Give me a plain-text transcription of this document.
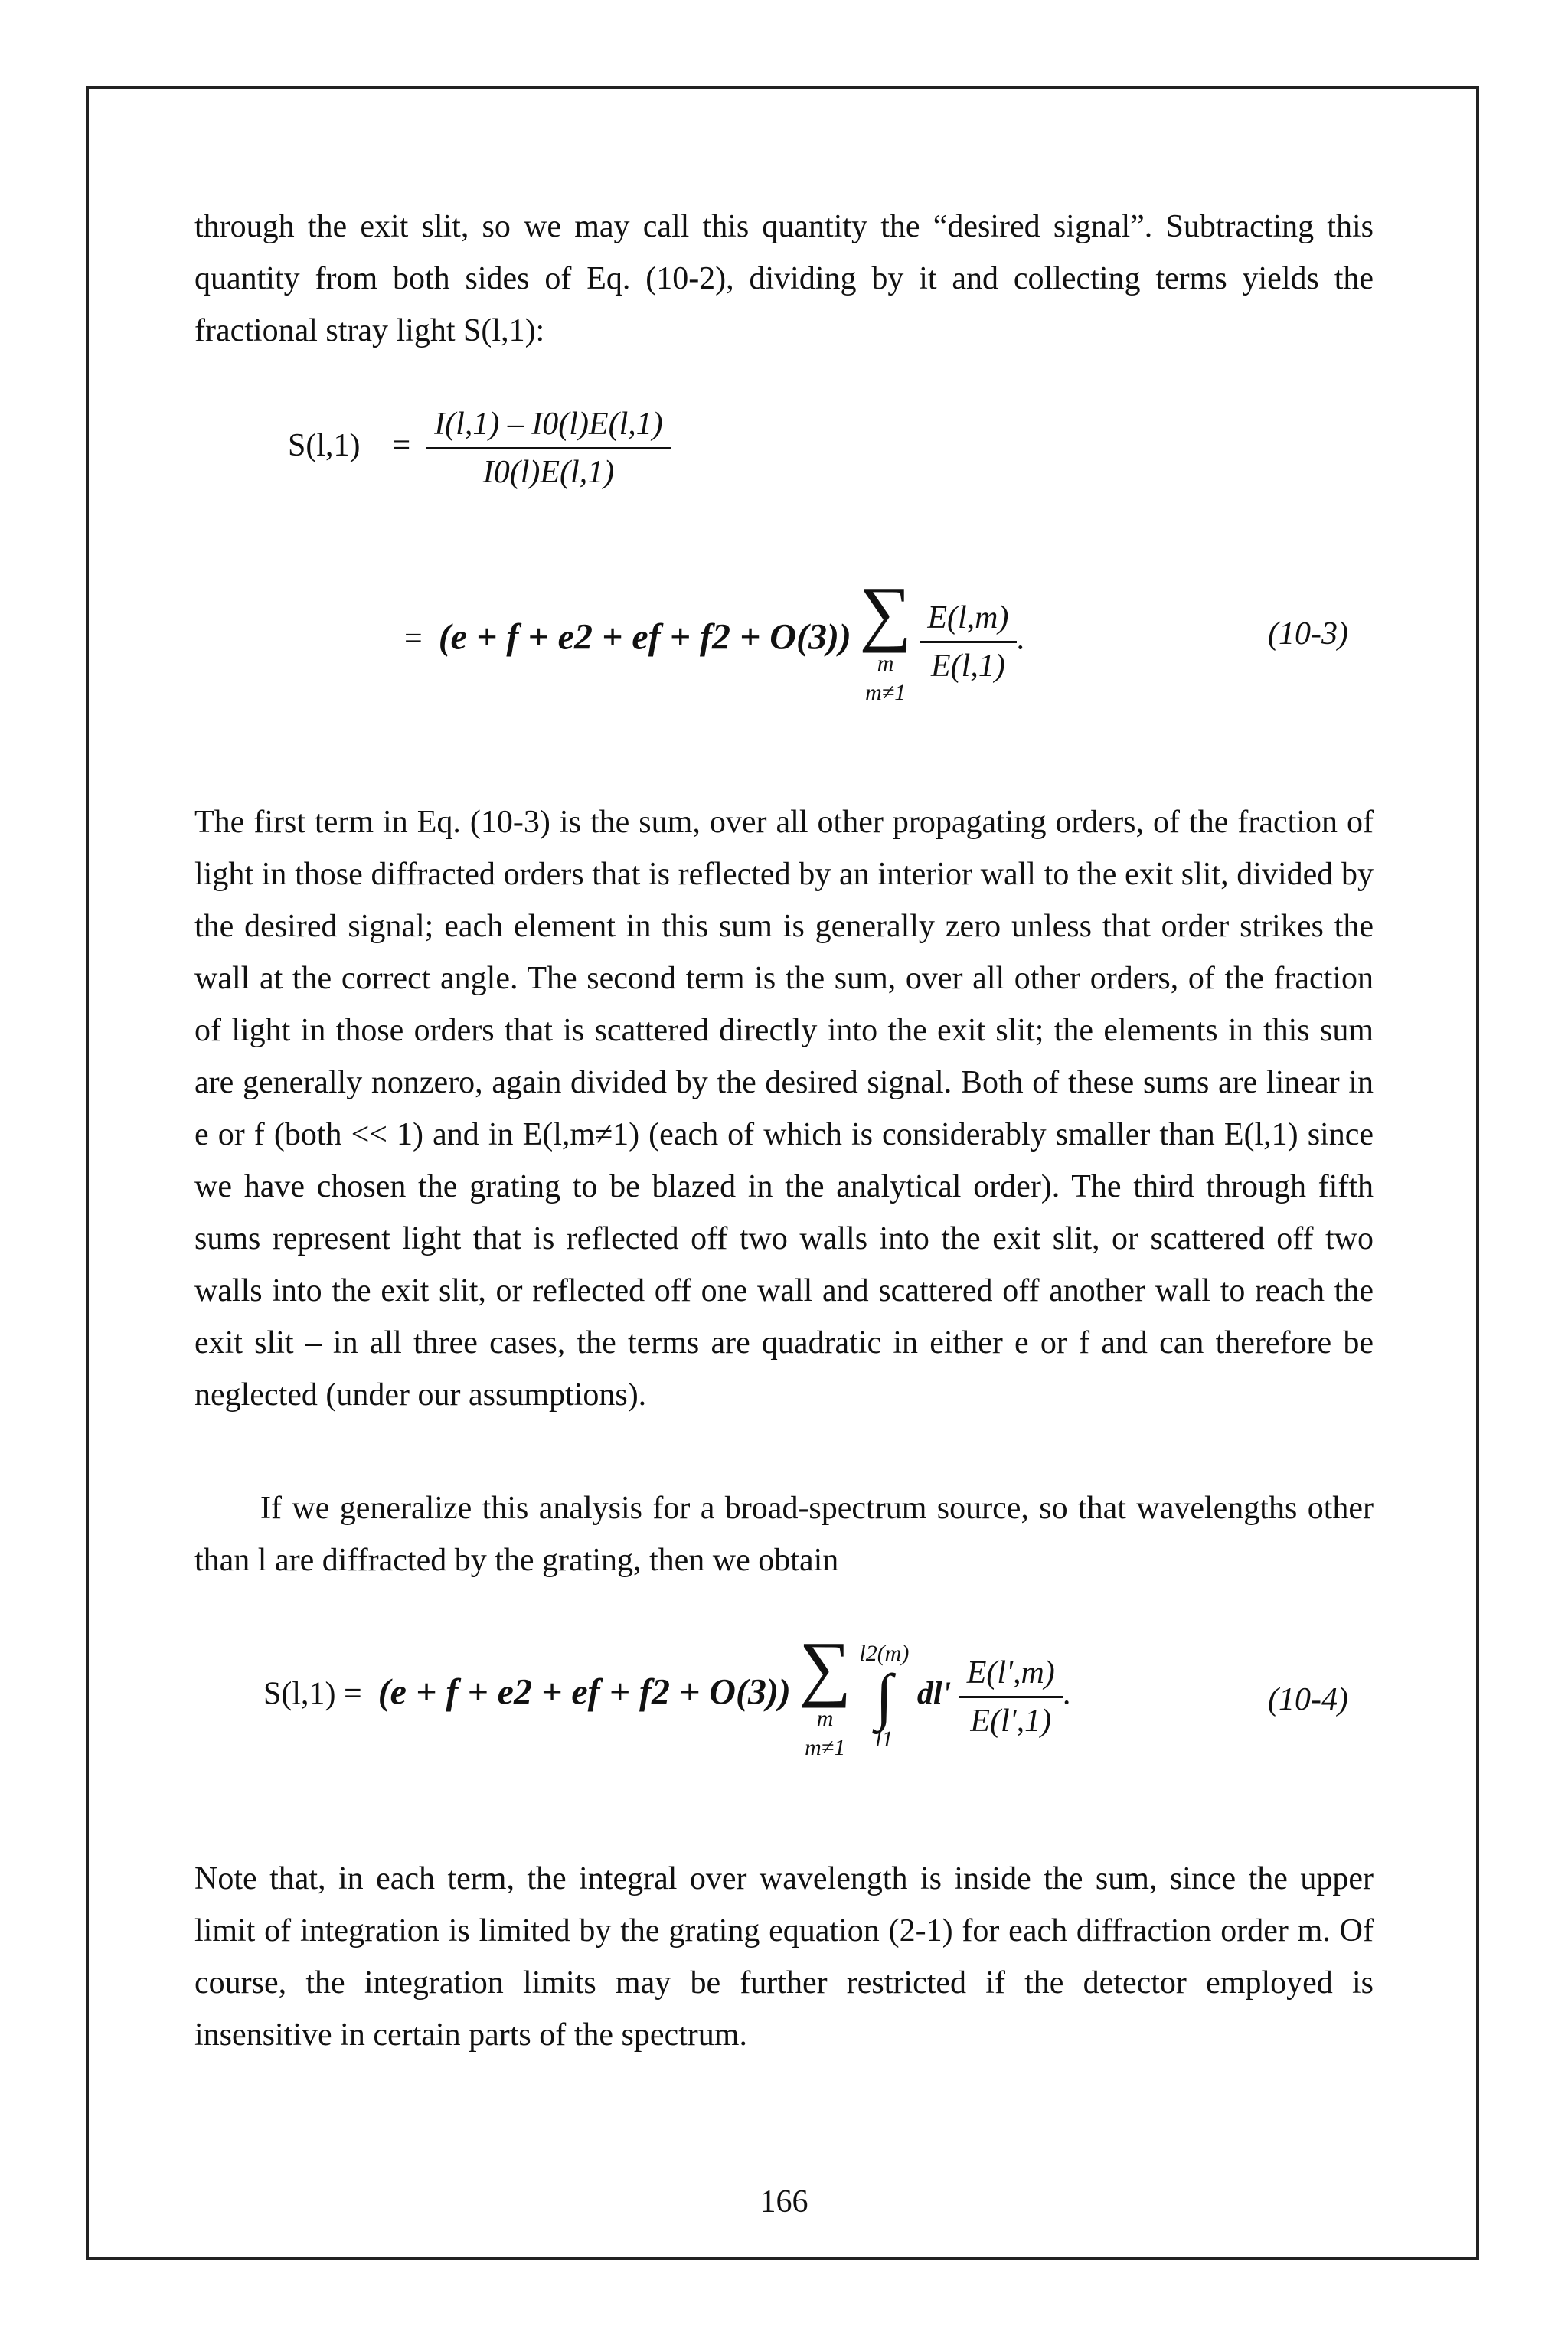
through the exit slit, so we may call this quantity the “desired signal”. Subtracting this quantity from both sides of Eq. (10-2), dividing by it and collecting terms yields the fractional stray light S(l,1):

$S(l,1) = \frac{I(l,1) - I0(l)E(l,1)}{I0(l)E(l,1)}$
= (e + f + e2 + ef + f2 + O(3)) ∑
m
m≠1

$\frac{E(l,m)}{E(l,1)}$ .	(10-3)

The first term in Eq. (10-3) is the sum, over all other propagating orders, of the fraction of light in those diffracted orders that is reflected by an interior wall to the exit slit, divided by the desired signal; each element in this sum is generally zero unless that order strikes the wall at the correct angle. The second term is the sum, over all other orders, of the fraction of light in those orders that is scattered directly into the exit slit; the elements in this sum are generally nonzero, again divided by the desired signal. Both of these sums are linear in e or f (both << 1) and in E(l,m≠1) (each of which is considerably smaller than E(l,1) since we have chosen the grating to be blazed in the analytical order). The third through fifth sums represent light that is reflected off two walls into the exit slit, or scattered off two walls into the exit slit, or reflected off one wall and scattered off another wall to reach the exit slit – in all three cases, the terms are quadratic in either e or f and can therefore be neglected (under our assumptions).

If we generalize this analysis for a broad-spectrum source, so that wavelengths other than l are diffracted by the grating, then we obtain

S(l,1) = (e + f + e2 + ef + f2 + O(3)) ∑
m
m≠1

l2(m)
∫
l1
$dl' \frac{E(l',m)}{E(l',1)}$ .	(10-4)

Note that, in each term, the integral over wavelength is inside the sum, since the upper limit of integration is limited by the grating equation (2-1) for each diffraction order m. Of course, the integration limits may be further restricted if the detector employed is insensitive in certain parts of the spectrum.

166
